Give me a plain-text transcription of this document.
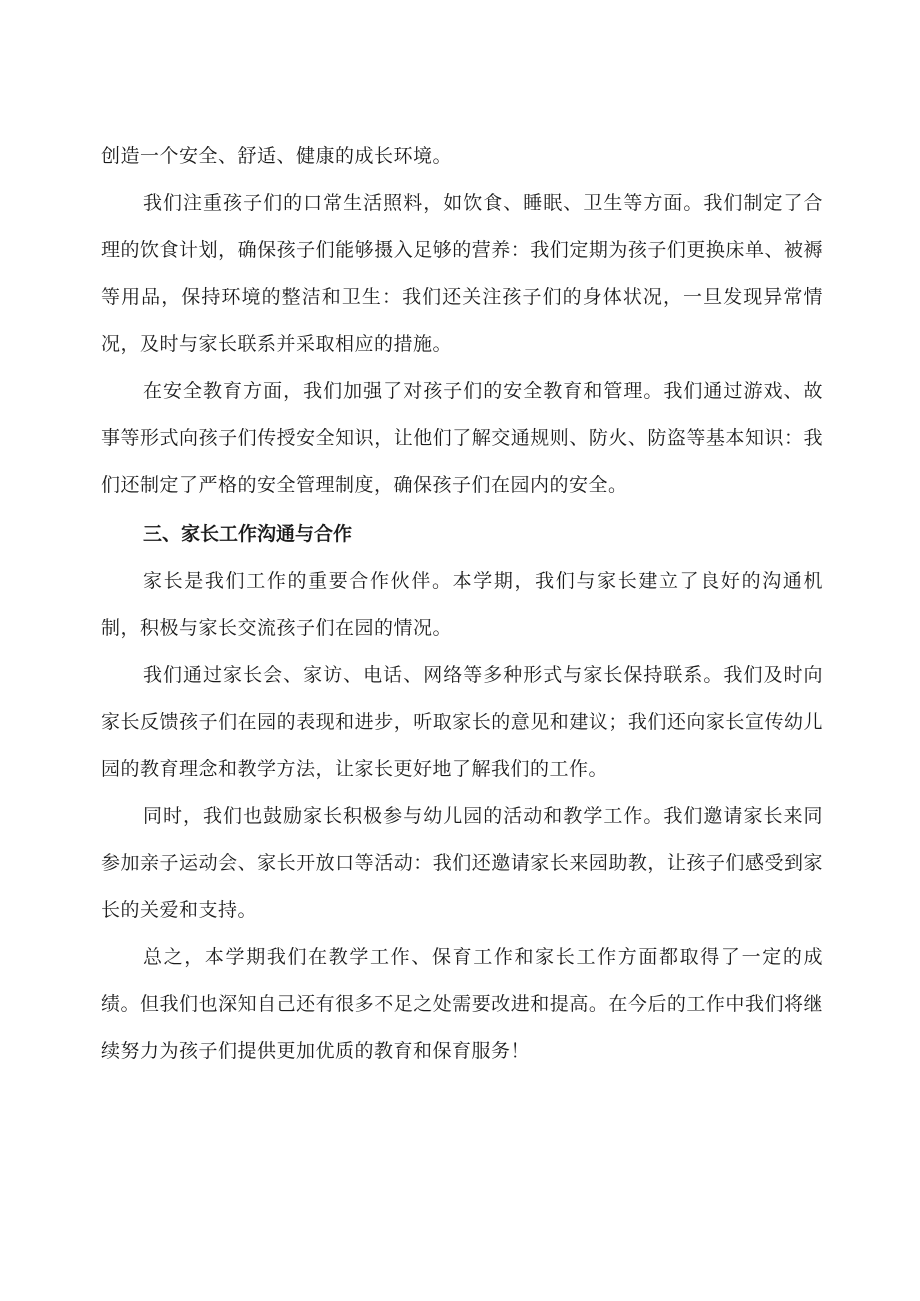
创造一个安全、舒适、健康的成长环境。

我们注重孩子们的口常生活照料，如饮食、睡眠、卫生等方面。我们制定了合理的饮食计划，确保孩子们能够摄入足够的营养：我们定期为孩子们更换床单、被褥等用品，保持环境的整洁和卫生：我们还关注孩子们的身体状况，一旦发现异常情况，及时与家长联系并采取相应的措施。

在安全教育方面，我们加强了对孩子们的安全教育和管理。我们通过游戏、故事等形式向孩子们传授安全知识，让他们了解交通规则、防火、防盗等基本知识：我们还制定了严格的安全管理制度，确保孩子们在园内的安全。

三、家长工作沟通与合作

家长是我们工作的重要合作伙伴。本学期，我们与家长建立了良好的沟通机制，积极与家长交流孩子们在园的情况。

我们通过家长会、家访、电话、网络等多种形式与家长保持联系。我们及时向家长反馈孩子们在园的表现和进步，听取家长的意见和建议；我们还向家长宣传幼儿园的教育理念和教学方法，让家长更好地了解我们的工作。

同时，我们也鼓励家长积极参与幼儿园的活动和教学工作。我们邀请家长来同参加亲子运动会、家长开放口等活动：我们还邀请家长来园助教，让孩子们感受到家长的关爱和支持。

总之，本学期我们在教学工作、保育工作和家长工作方面都取得了一定的成绩。但我们也深知自己还有很多不足之处需要改进和提高。在今后的工作中我们将继续努力为孩子们提供更加优质的教育和保育服务！
